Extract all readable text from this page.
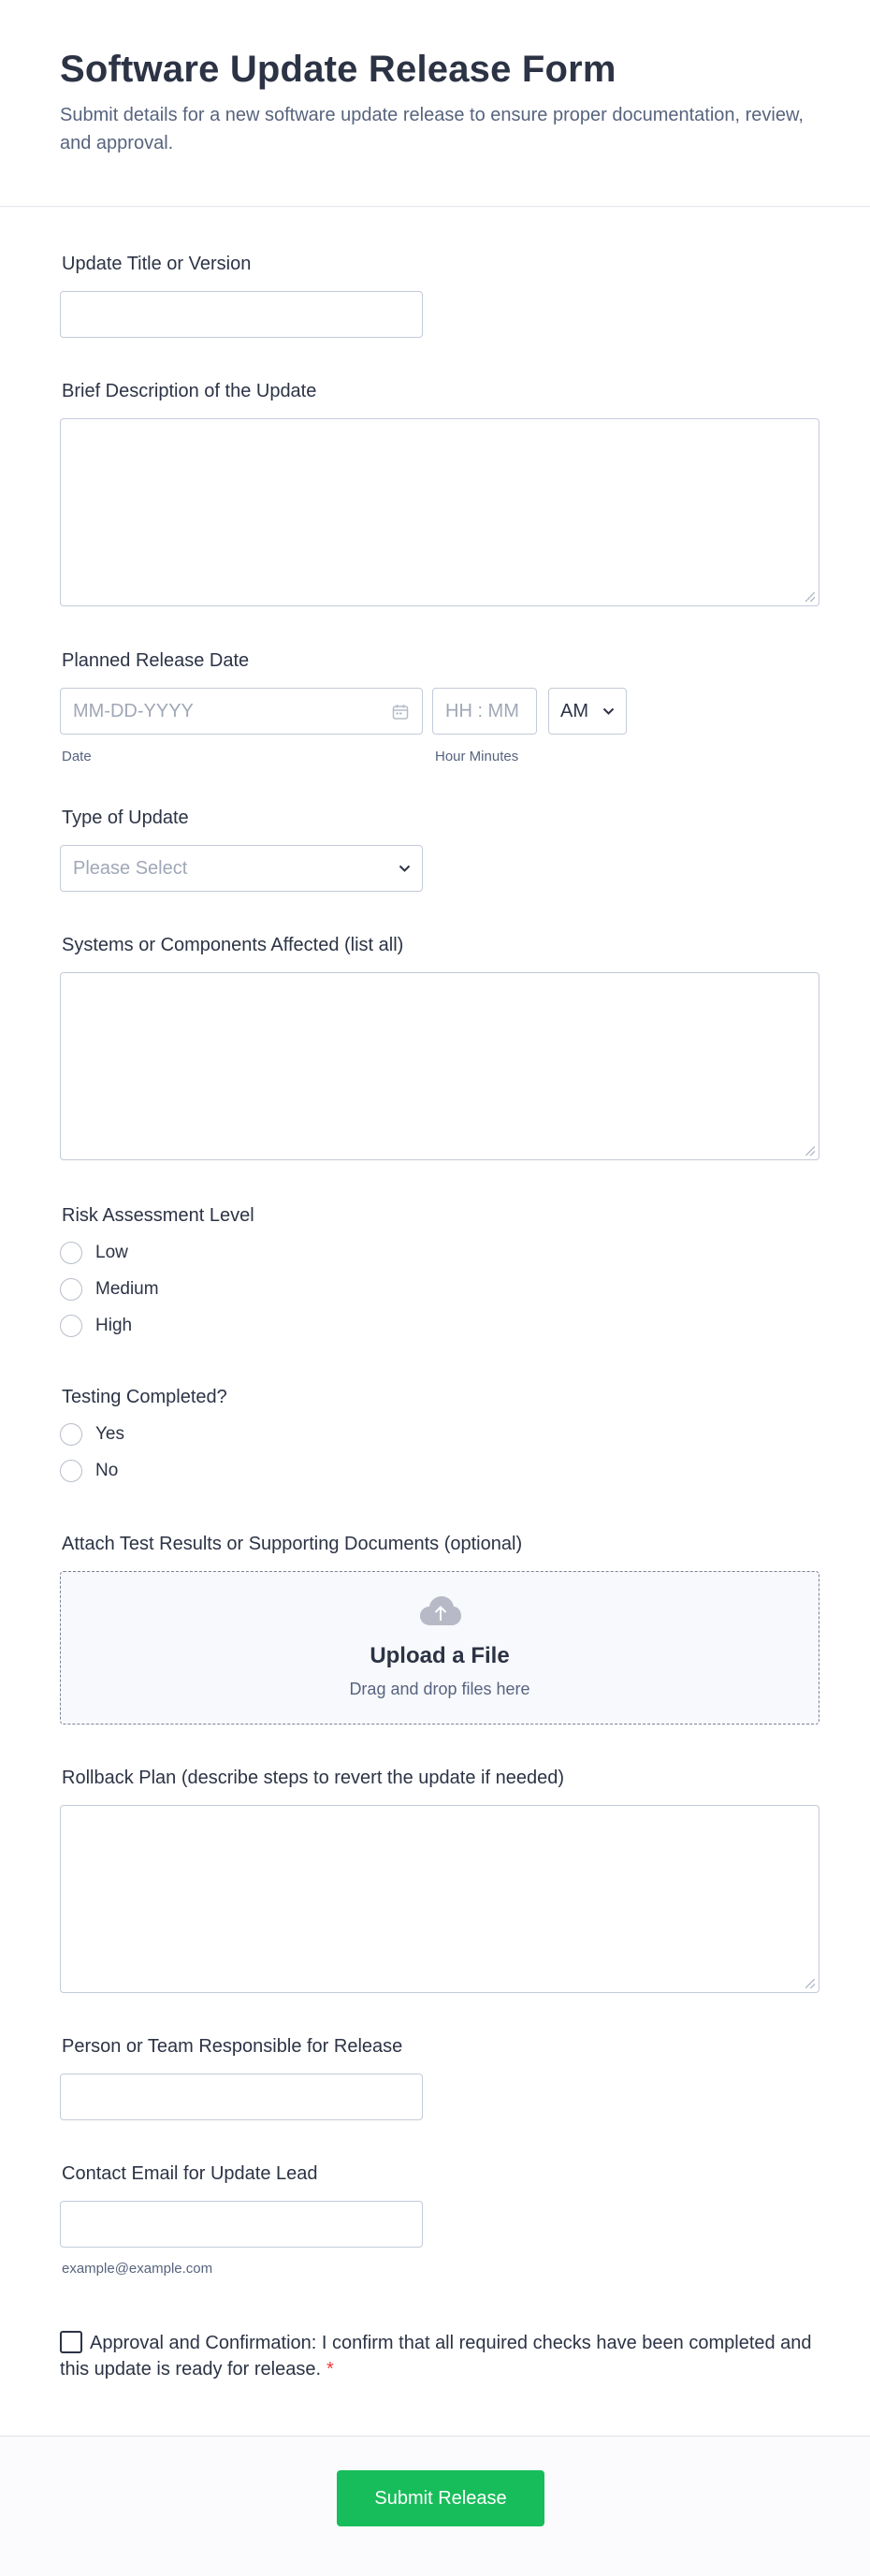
Software Update Release Form

Submit details for a new software update release to ensure proper documentation, review, and approval.

Update Title or Version
Brief Description of the Update
Planned Release Date
MM-DD-YYYY
Date
HH : MM
Hour Minutes
AM
Type of Update
Please Select
Systems or Components Affected (list all)
Risk Assessment Level
Low
Medium
High
Testing Completed?
Yes
No
Attach Test Results or Supporting Documents (optional)
Upload a File
Drag and drop files here
Rollback Plan (describe steps to revert the update if needed)
Person or Team Responsible for Release
Contact Email for Update Lead
example@example.com
Approval and Confirmation: I confirm that all required checks have been completed and this update is ready for release. *
Submit Release
